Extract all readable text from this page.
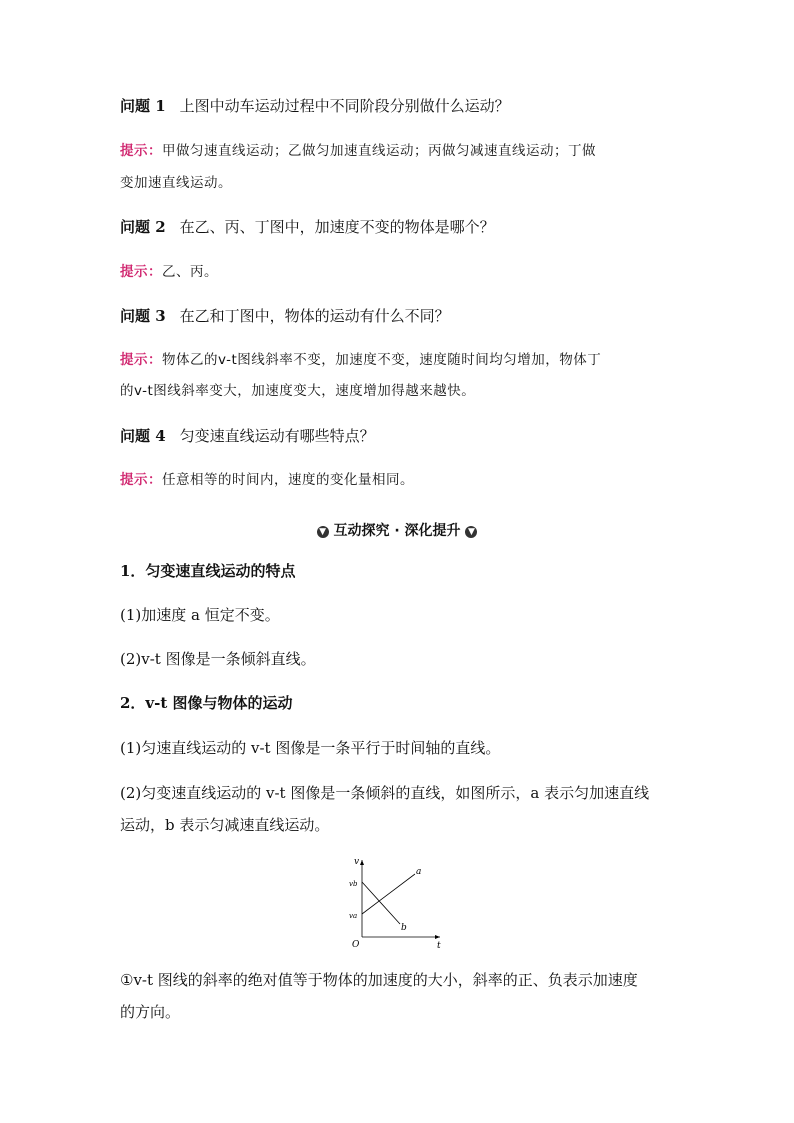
问题 1 上图中动车运动过程中不同阶段分别做什么运动？
提示：甲做匀速直线运动；乙做匀加速直线运动；丙做匀减速直线运动；丁做
变加速直线运动。
问题 2 在乙、丙、丁图中，加速度不变的物体是哪个？
提示：乙、丙。
问题 3 在乙和丁图中，物体的运动有什么不同？
提示：物体乙的v-t图线斜率不变，加速度不变，速度随时间均匀增加，物体丁
的v-t图线斜率变大，加速度变大，速度增加得越来越快。
问题 4 匀变速直线运动有哪些特点？
提示：任意相等的时间内，速度的变化量相同。
▼ 互动探究 · 深化提升 ▼
1．匀变速直线运动的特点
(1)加速度 a 恒定不变。
(2)v-t 图像是一条倾斜直线。
2．v-t 图像与物体的运动
(1)匀速直线运动的 v-t 图像是一条平行于时间轴的直线。
(2)匀变速直线运动的 v-t 图像是一条倾斜的直线，如图所示，a 表示匀加速直线
运动，b 表示匀减速直线运动。
v
t
O
vb
va
a
b
①v-t 图线的斜率的绝对值等于物体的加速度的大小，斜率的正、负表示加速度
的方向。
